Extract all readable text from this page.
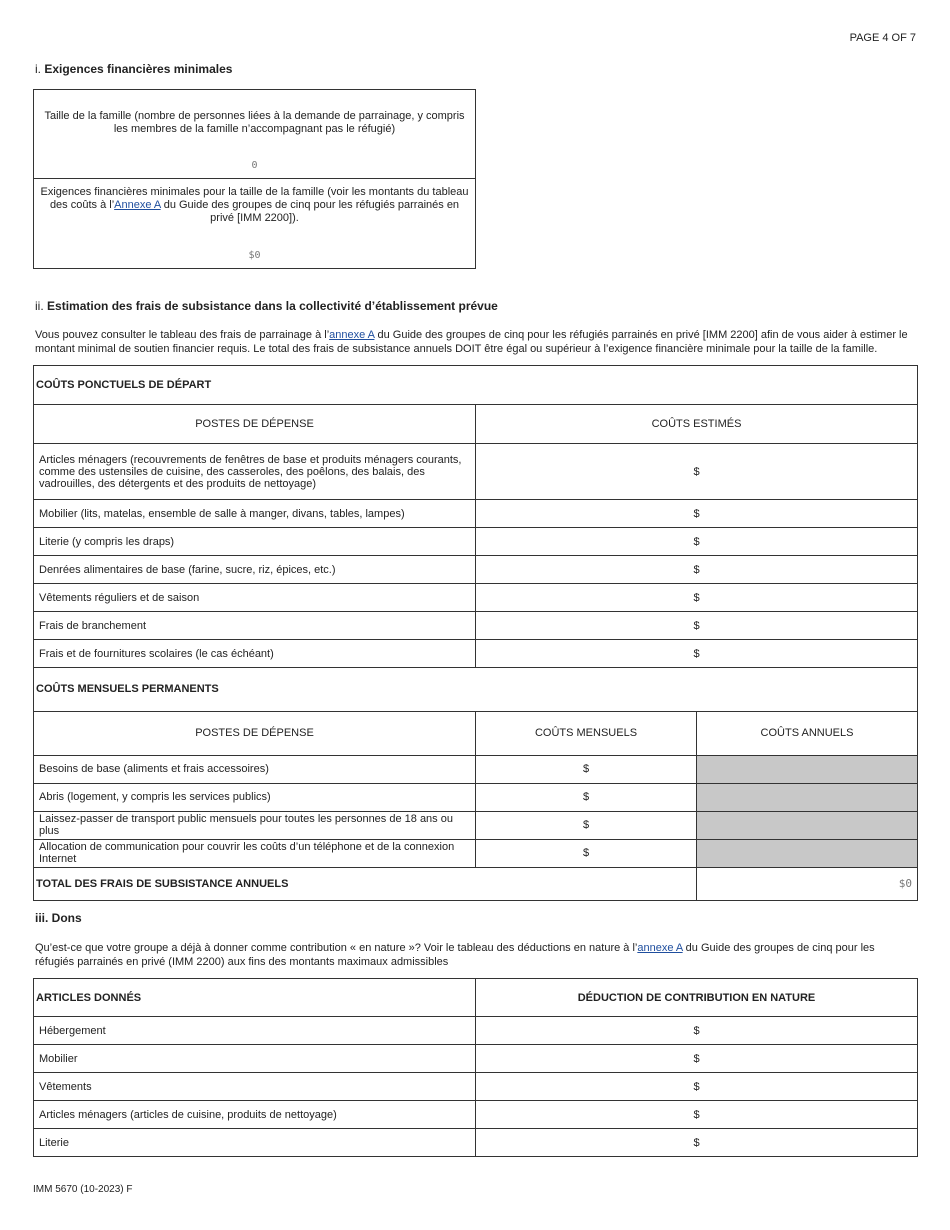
PAGE 4 OF 7
i. Exigences financières minimales
Taille de la famille (nombre de personnes liées à la demande de parrainage, y compris les membres de la famille n’accompagnant pas le réfugié)
0
Exigences financières minimales pour la taille de la famille (voir les montants du tableau des coûts à l’Annexe A du Guide des groupes de cinq pour les réfugiés parrainés en privé [IMM 2200]).
$0
ii. Estimation des frais de subsistance dans la collectivité d’établissement prévue
Vous pouvez consulter le tableau des frais de parrainage à l’annexe A du Guide des groupes de cinq pour les réfugiés parrainés en privé [IMM 2200] afin de vous aider à estimer le montant minimal de soutien financier requis. Le total des frais de subsistance annuels DOIT être égal ou supérieur à l’exigence financière minimale pour la taille de la famille.
COÛTS PONCTUELS DE DÉPART	
POSTES DE DÉPENSE	COÛTS ESTIMÉS
Articles ménagers (recouvrements de fenêtres de base et produits ménagers courants, comme des ustensiles de cuisine, des casseroles, des poêlons, des balais, des vadrouilles, des détergents et des produits de nettoyage)	$
Mobilier (lits, matelas, ensemble de salle à manger, divans, tables, lampes)	$
Literie (y compris les draps)	$
Denrées alimentaires de base (farine, sucre, riz, épices, etc.)	$
Vêtements réguliers et de saison	$
Frais de branchement	$
Frais et de fournitures scolaires (le cas échéant)	$
COÛTS MENSUELS PERMANENTS		
POSTES DE DÉPENSE	COÛTS MENSUELS	COÛTS ANNUELS
Besoins de base (aliments et frais accessoires)	$	
Abris (logement, y compris les services publics)	$	
Laissez-passer de transport public mensuels pour toutes les personnes de 18 ans ou plus	$	
Allocation de communication pour couvrir les coûts d’un téléphone et de la connexion Internet	$	
TOTAL DES FRAIS DE SUBSISTANCE ANNUELS		$0
iii. Dons
Qu’est-ce que votre groupe a déjà à donner comme contribution « en nature »? Voir le tableau des déductions en nature à l’annexe A du Guide des groupes de cinq pour les réfugiés parrainés en privé (IMM 2200) aux fins des montants maximaux admissibles
ARTICLES DONNÉS	DÉDUCTION DE CONTRIBUTION EN NATURE
Hébergement	$
Mobilier	$
Vêtements	$
Articles ménagers (articles de cuisine, produits de nettoyage)	$
Literie	$
IMM 5670 (10-2023) F
